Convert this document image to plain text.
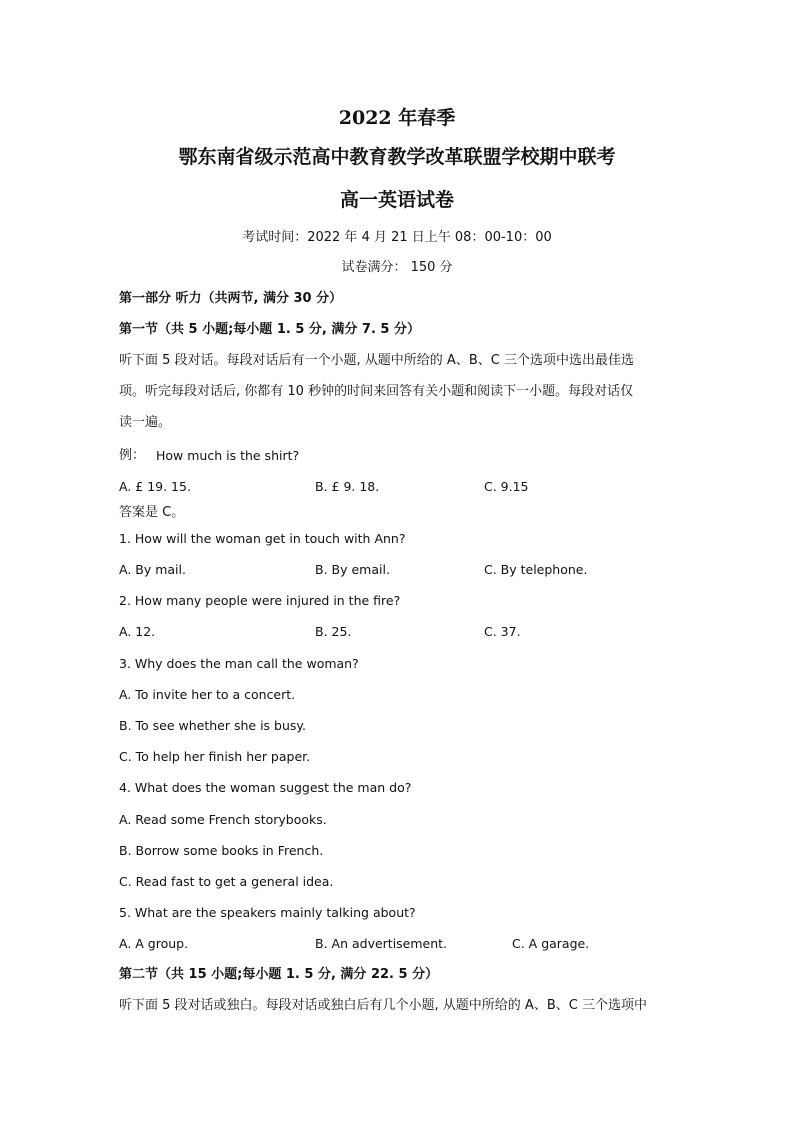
2022 年春季
鄂东南省级示范高中教育教学改革联盟学校期中联考
高一英语试卷
考试时间：2022 年 4 月 21 日上午 08：00-10：00
试卷满分： 150 分
第一部分 听力（共两节, 满分 30 分）
第一节（共 5 小题;每小题 1. 5 分, 满分 7. 5 分）
听下面 5 段对话。每段对话后有一个小题, 从题中所给的 A、B、C 三个选项中选出最佳选
项。听完每段对话后, 你都有 10 秒钟的时间来回答有关小题和阅读下一小题。每段对话仅
读一遍。
例： How much is the shirt?
A. £ 19. 15.	B. £ 9. 18.	C. 9.15
答案是 C。
1. How will the woman get in touch with Ann?
A. By mail.	B. By email.	C. By telephone.
2. How many people were injured in the fire?
A. 12.	B. 25.	C. 37.
3. Why does the man call the woman?
A. To invite her to a concert.
B. To see whether she is busy.
C. To help her finish her paper.
4. What does the woman suggest the man do?
A. Read some French storybooks.
B. Borrow some books in French.
C. Read fast to get a general idea.
5. What are the speakers mainly talking about?
A. A group.	B. An advertisement.	C. A garage.
第二节（共 15 小题;每小题 1. 5 分, 满分 22. 5 分）
听下面 5 段对话或独白。每段对话或独白后有几个小题, 从题中所给的 A、B、C 三个选项中
